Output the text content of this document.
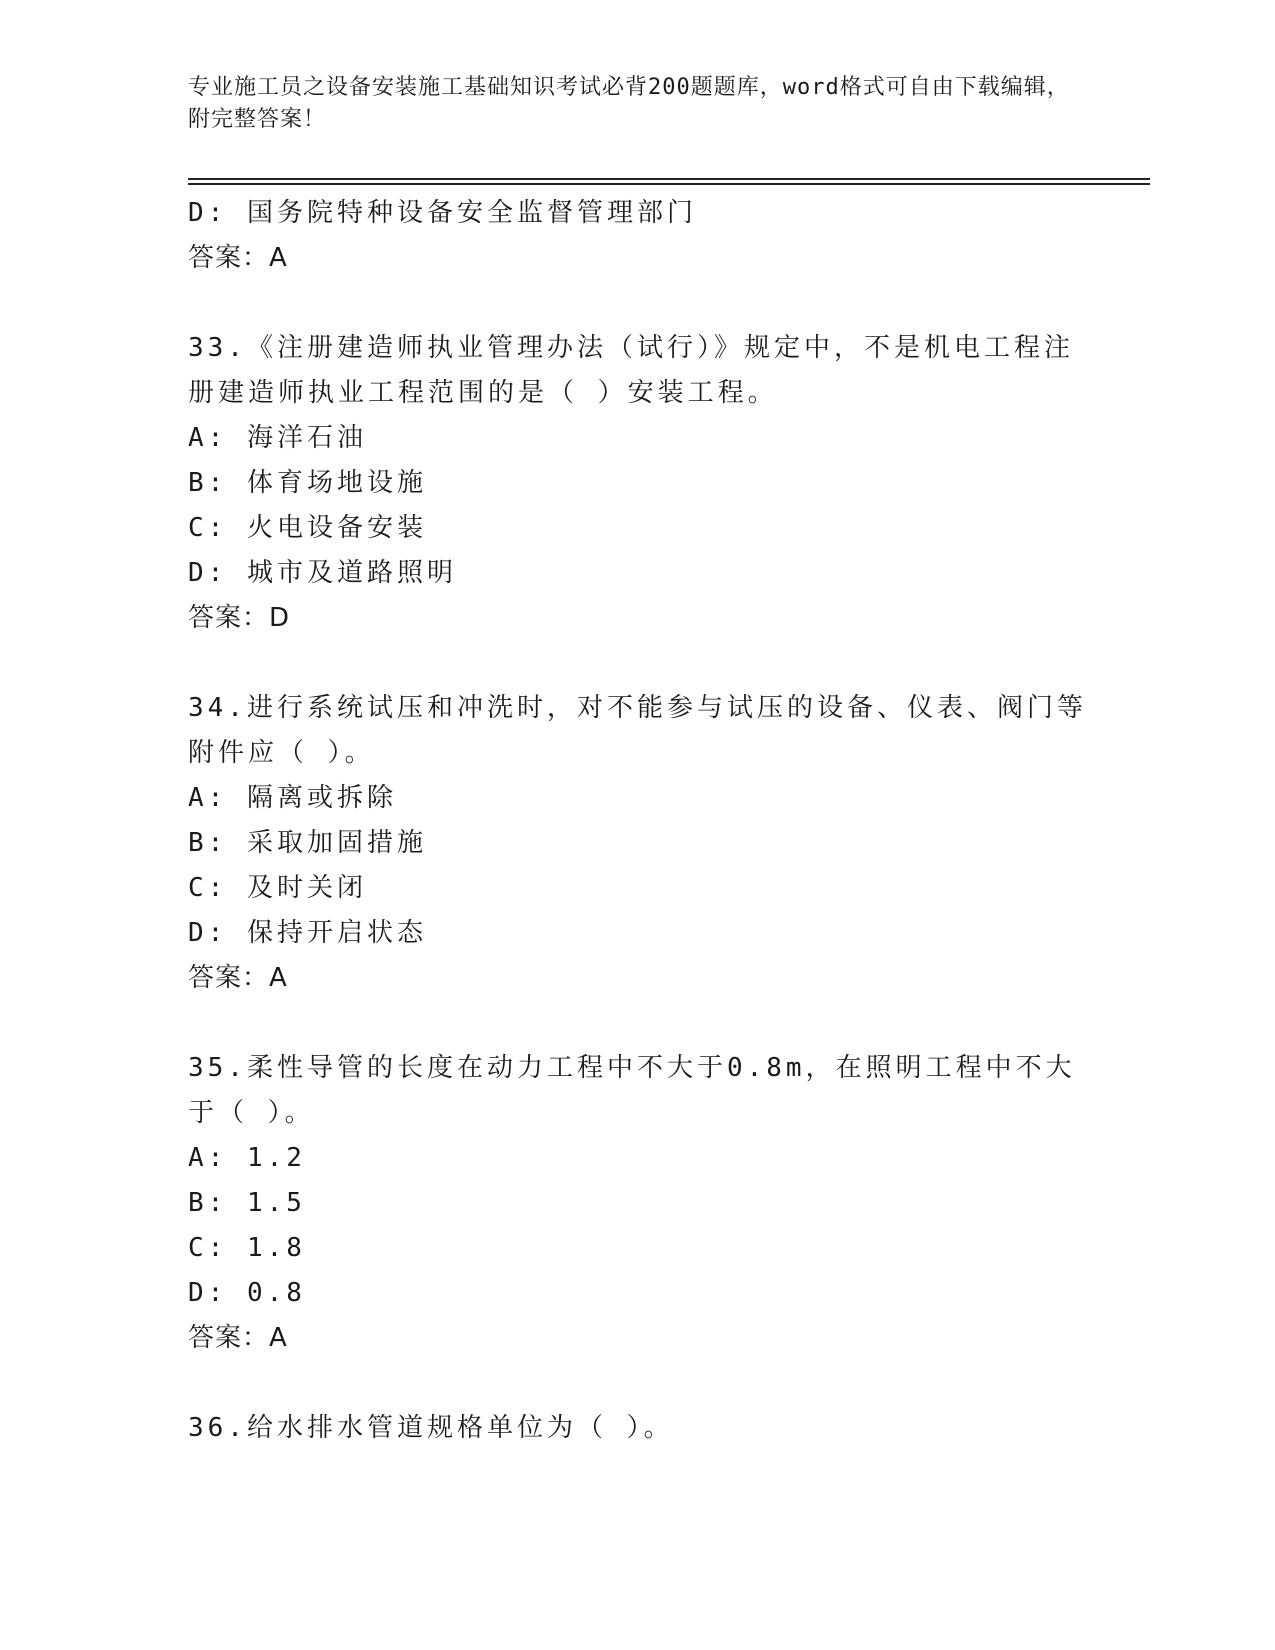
专业施工员之设备安装施工基础知识考试必背200题题库，word格式可自由下载编辑，附完整答案！
D: 国务院特种设备安全监督管理部门
答案：A
33.《注册建造师执业管理办法（试行）》规定中，不是机电工程注册建造师执业工程范围的是（ ）安装工程。
A: 海洋石油
B: 体育场地设施
C: 火电设备安装
D: 城市及道路照明
答案：D
34.进行系统试压和冲洗时，对不能参与试压的设备、仪表、阀门等附件应（ ）。
A: 隔离或拆除
B: 采取加固措施
C: 及时关闭
D: 保持开启状态
答案：A
35.柔性导管的长度在动力工程中不大于0.8m，在照明工程中不大于（ ）。
A: 1.2
B: 1.5
C: 1.8
D: 0.8
答案：A
36.给水排水管道规格单位为（ ）。
